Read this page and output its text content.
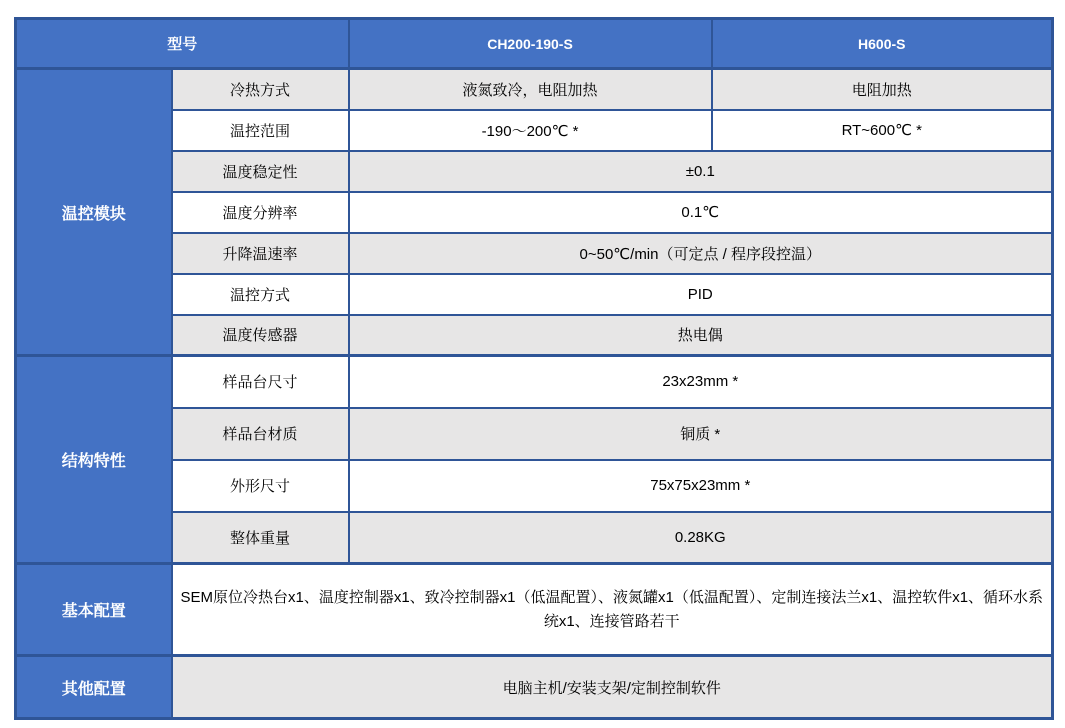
型号		CH200-190-S	H600-S
温控模块	冷热方式	液氮致冷，电阻加热	电阻加热
	温控范围	-190～200℃ *	RT~600℃ *
	温度稳定性	±0.1	
	温度分辨率	0.1℃	
	升降温速率	0~50℃/min（可定点 / 程序段控温）	
	温控方式	PID	
	温度传感器	热电偶	
结构特性	样品台尺寸	23x23mm *	
	样品台材质	铜质 *	
	外形尺寸	75x75x23mm *	
	整体重量	0.28KG	
基本配置	SEM原位冷热台x1、温度控制器x1、致冷控制器x1（低温配置）、液氮罐x1（低温配置）、定制连接法兰x1、温控软件x1、循环水系统x1、连接管路若干		
其他配置	电脑主机/安装支架/定制控制软件		
